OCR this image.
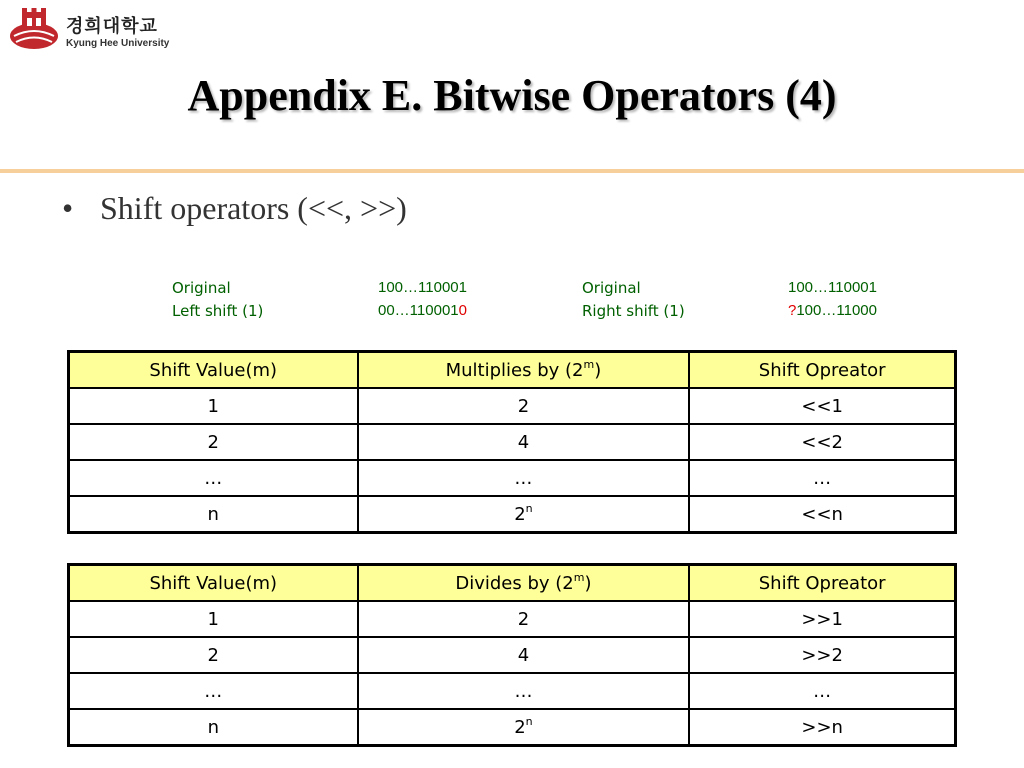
경희대학교
Kyung Hee University
Appendix E. Bitwise Operators (4)
• Shift operators (<<, >>)
Original	100…110001
Left shift (1)	00…1100010
Original	100…110001
Right shift (1)	?100…11000
Shift Value(m)	Multiplies by (2$^m$)	Shift Opreator
1	2	<<1
2	4	<<2
…	…	…
n	$2^n$	<<n
Shift Value(m)	Divides by (2$^m$)	Shift Opreator
1	2	>>1
2	4	>>2
…	…	…
n	$2^n$	>>n
